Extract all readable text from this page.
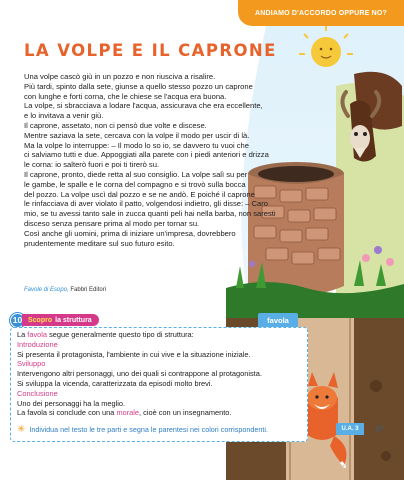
ANDIAMO D'ACCORDO OPPURE NO?
LA VOLPE E IL CAPRONE

Una volpe cascò giù in un pozzo e non riusciva a risalire.

Più tardi, spinto dalla sete, giunse a quello stesso pozzo un caprone

con lunghe e forti corna, che le chiese se l'acqua era buona.

La volpe, si sbracciava a lodare l'acqua, assicurava che era eccellente,

e lo invitava a venir giù.

Il caprone, assetato, non ci pensò due volte e discese.

Mentre saziava la sete, cercava con la volpe il modo per uscir di là.

Ma la volpe lo interruppe: – Il modo lo so io, se davvero tu vuoi che

ci salviamo tutti e due. Appoggiati alla parete con i piedi anteriori e drizza

le corna: io salterò fuori e poi ti tirerò su.

Il caprone, pronto, diede retta al suo consiglio. La volpe salì su per

le gambe, le spalle e le corna del compagno e si trovò sulla bocca

del pozzo. La volpe uscì dal pozzo e se ne andò. E poiché il caprone

le rinfacciava di aver violato il patto, volgendosi indietro, gli disse: – Caro

mio, se tu avessi tanto sale in zucca quanti peli hai nella barba, non saresti

disceso senza pensare prima al modo per tornar su.

Così anche gli uomini, prima di iniziare un'impresa, dovrebbero

prudentemente meditare sul suo futuro esito.

Favole di Esopo, Fabbri Editori
10 Scopro la struttura	favola

La favola segue generalmente questo tipo di struttura:

Introduzione

Si presenta il protagonista, l'ambiente in cui vive e la situazione iniziale.

Sviluppo

Intervengono altri personaggi, uno dei quali si contrappone al protagonista.

Si sviluppa la vicenda, caratterizzata da episodi molto brevi.

Conclusione

Uno dei personaggi ha la meglio.

La favola si conclude con una morale, cioè con un insegnamento.

✳ Individua nel testo le tre parti e segna le parentesi nei colori corrispondenti.	U.A. 3	87
